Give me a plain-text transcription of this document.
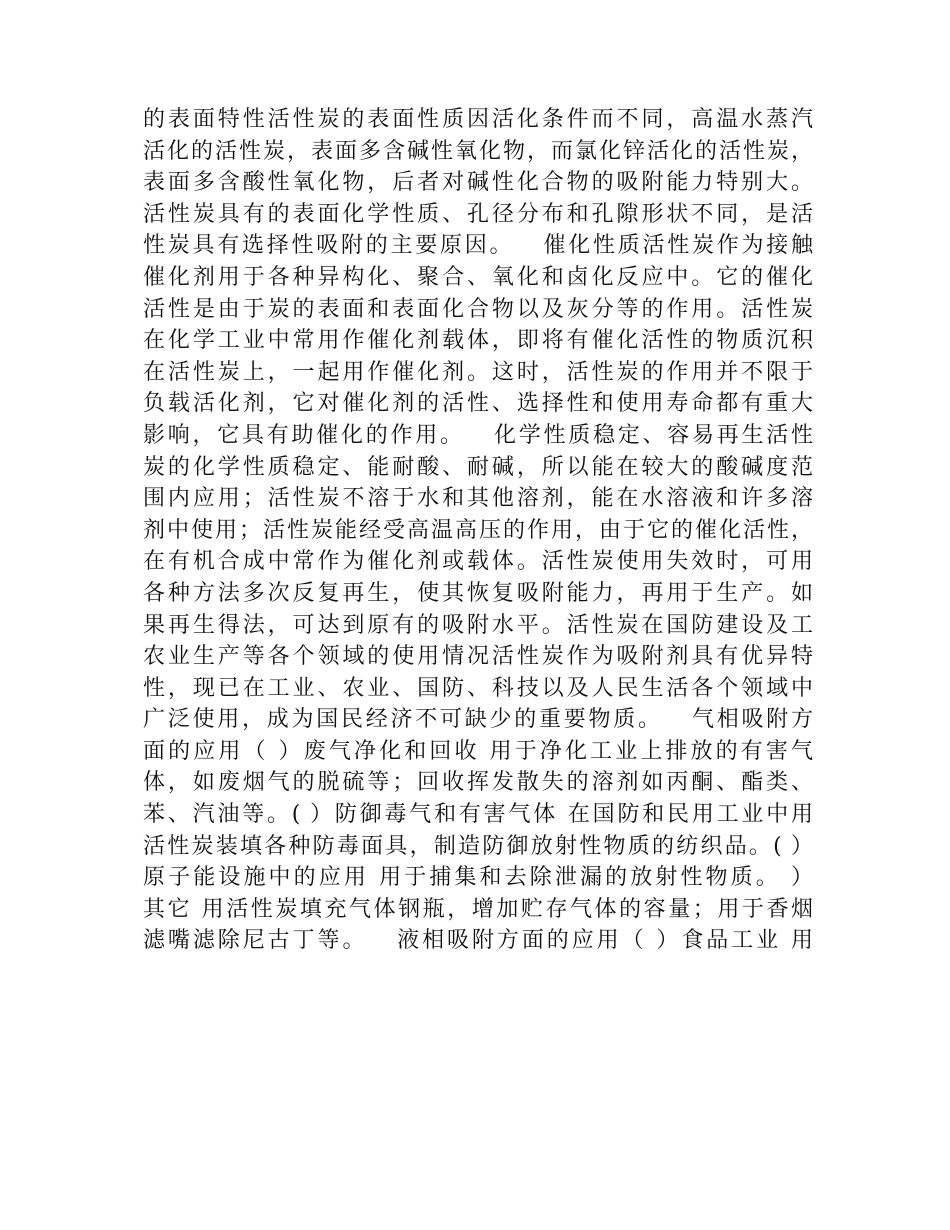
的表面特性活性炭的表面性质因活化条件而不同，高温水蒸汽
活化的活性炭，表面多含碱性氧化物，而氯化锌活化的活性炭，
表面多含酸性氧化物，后者对碱性化合物的吸附能力特别大。
活性炭具有的表面化学性质、孔径分布和孔隙形状不同，是活
性炭具有选择性吸附的主要原因。   催化性质活性炭作为接触
催化剂用于各种异构化、聚合、氧化和卤化反应中。它的催化
活性是由于炭的表面和表面化合物以及灰分等的作用。活性炭
在化学工业中常用作催化剂载体，即将有催化活性的物质沉积
在活性炭上，一起用作催化剂。这时，活性炭的作用并不限于
负载活化剂，它对催化剂的活性、选择性和使用寿命都有重大
影响，它具有助催化的作用。   化学性质稳定、容易再生活性
炭的化学性质稳定、能耐酸、耐碱，所以能在较大的酸碱度范
围内应用；活性炭不溶于水和其他溶剂，能在水溶液和许多溶
剂中使用；活性炭能经受高温高压的作用，由于它的催化活性，
在有机合成中常作为催化剂或载体。活性炭使用失效时，可用
各种方法多次反复再生，使其恢复吸附能力，再用于生产。如
果再生得法，可达到原有的吸附水平。活性炭在国防建设及工
农业生产等各个领域的使用情况活性炭作为吸附剂具有优异特
性，现已在工业、农业、国防、科技以及人民生活各个领域中
广泛使用，成为国民经济不可缺少的重要物质。   气相吸附方
面的应用（ ）废气净化和回收 用于净化工业上排放的有害气
体，如废烟气的脱硫等；回收挥发散失的溶剂如丙酮、酯类、
苯、汽油等。( ）防御毒气和有害气体 在国防和民用工业中用
活性炭装填各种防毒面具，制造防御放射性物质的纺织品。( ）
原子能设施中的应用 用于捕集和去除泄漏的放射性物质。 ）
其它 用活性炭填充气体钢瓶，增加贮存气体的容量；用于香烟
滤嘴滤除尼古丁等。   液相吸附方面的应用（ ）食品工业 用
